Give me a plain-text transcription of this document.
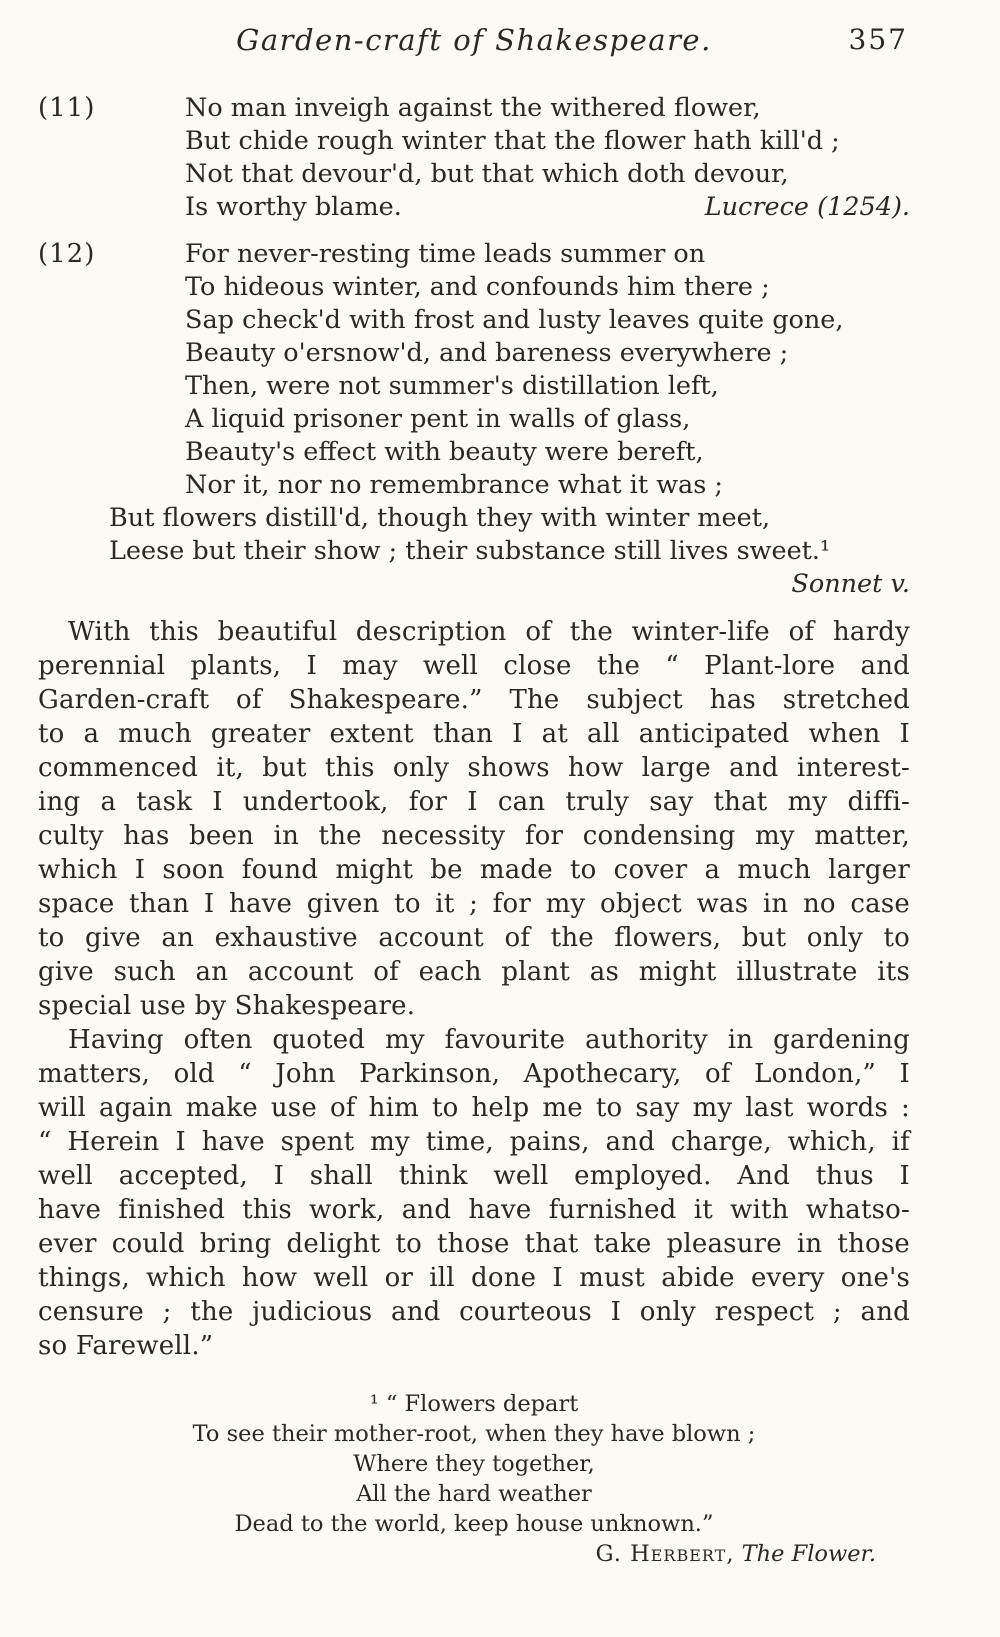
Garden-craft of Shakespeare.	357
(11)	No man inveigh against the withered flower,
But chide rough winter that the flower hath kill'd ;
Not that devour'd, but that which doth devour,
Is worthy blame.	Lucrece (1254).
(12)	For never-resting time leads summer on
To hideous winter, and confounds him there ;
Sap check'd with frost and lusty leaves quite gone,
Beauty o'ersnow'd, and bareness everywhere ;
Then, were not summer's distillation left,
A liquid prisoner pent in walls of glass,
Beauty's effect with beauty were bereft,
Nor it, nor no remembrance what it was ;
But flowers distill'd, though they with winter meet,
Leese but their show ; their substance still lives sweet.¹
Sonnet v.
With this beautiful description of the winter-life of hardy
perennial plants, I may well close the “ Plant-lore and
Garden-craft of Shakespeare.” The subject has stretched
to a much greater extent than I at all anticipated when I
commenced it, but this only shows how large and interest-
ing a task I undertook, for I can truly say that my diffi-
culty has been in the necessity for condensing my matter,
which I soon found might be made to cover a much larger
space than I have given to it ; for my object was in no case
to give an exhaustive account of the flowers, but only to
give such an account of each plant as might illustrate its
special use by Shakespeare.
Having often quoted my favourite authority in gardening
matters, old “ John Parkinson, Apothecary, of London,” I
will again make use of him to help me to say my last words :
“ Herein I have spent my time, pains, and charge, which, if
well accepted, I shall think well employed. And thus I
have finished this work, and have furnished it with whatso-
ever could bring delight to those that take pleasure in those
things, which how well or ill done I must abide every one's
censure ; the judicious and courteous I only respect ; and
so Farewell.”
¹ “ Flowers depart
To see their mother-root, when they have blown ;
Where they together,
All the hard weather
Dead to the world, keep house unknown.”
G. Herbert, The Flower.
